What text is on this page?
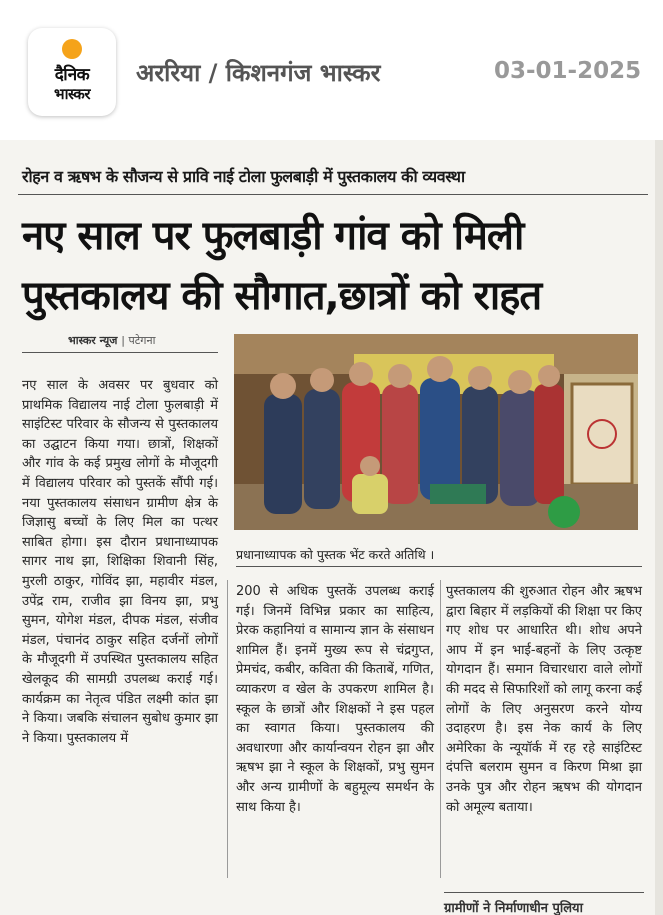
दैनिक
भास्कर
अररिया / किशनगंज भास्कर	03-01-2025
रोहन व ऋषभ के सौजन्य से प्रावि नाई टोला फुलबाड़ी में पुस्तकालय की व्यवस्था
नए साल पर फुलबाड़ी गांव को मिली
पुस्तकालय की सौगात,छात्रों को राहत
भास्कर न्यूज | पटेगना
प्रधानाध्यापक को पुस्तक भेंट करते अतिथि ।

नए साल के अवसर पर बुधवार को प्राथमिक विद्यालय नाई टोला फुलबाड़ी में साइंटिस्ट परिवार के सौजन्य से पुस्तकालय का उद्घाटन किया गया। छात्रों, शिक्षकों और गांव के कई प्रमुख लोगों के मौजूदगी में विद्यालय परिवार को पुस्तकें सौंपी गई। नया पुस्तकालय संसाधन ग्रामीण क्षेत्र के जिज्ञासु बच्चों के लिए मिल का पत्थर साबित होगा। इस दौरान प्रधानाध्यापक सागर नाथ झा, शिक्षिका शिवानी सिंह, मुरली ठाकुर, गोविंद झा, महावीर मंडल, उपेंद्र राम, राजीव झा विनय झा, प्रभु सुमन, योगेश मंडल, दीपक मंडल, संजीव मंडल, पंचानंद ठाकुर सहित दर्जनों लोगों के मौजूदगी में उपस्थित पुस्तकालय सहित खेलकूद की सामग्री उपलब्ध कराई गई। कार्यक्रम का नेतृत्व पंडित लक्ष्मी कांत झा ने किया। जबकि संचालन सुबोध कुमार झा ने किया। पुस्तकालय में

200 से अधिक पुस्तकें उपलब्ध कराई गई। जिनमें विभिन्न प्रकार का साहित्य, प्रेरक कहानियां व सामान्य ज्ञान के संसाधन शामिल हैं। इनमें मुख्य रूप से चंद्रगुप्त, प्रेमचंद, कबीर, कविता की किताबें, गणित, व्याकरण व खेल के उपकरण शामिल है। स्कूल के छात्रों और शिक्षकों ने इस पहल का स्वागत किया। पुस्तकालय की अवधारणा और कार्यान्वयन रोहन झा और ऋषभ झा ने स्कूल के शिक्षकों, प्रभु सुमन और अन्य ग्रामीणों के बहुमूल्य समर्थन के साथ किया है।

पुस्तकालय की शुरुआत रोहन और ऋषभ द्वारा बिहार में लड़कियों की शिक्षा पर किए गए शोध पर आधारित थी। शोध अपने आप में इन भाई-बहनों के लिए उत्कृष्ट योगदान हैं। समान विचारधारा वाले लोगों की मदद से सिफारिशों को लागू करना कई लोगों के लिए अनुसरण करने योग्य उदाहरण है। इस नेक कार्य के लिए अमेरिका के न्यूयॉर्क में रह रहे साइंटिस्ट दंपत्ति बलराम सुमन व किरण मिश्रा झा उनके पुत्र और रोहन ऋषभ की योगदान को अमूल्य बताया।

ग्रामीणों ने निर्माणाधीन पुलिया
